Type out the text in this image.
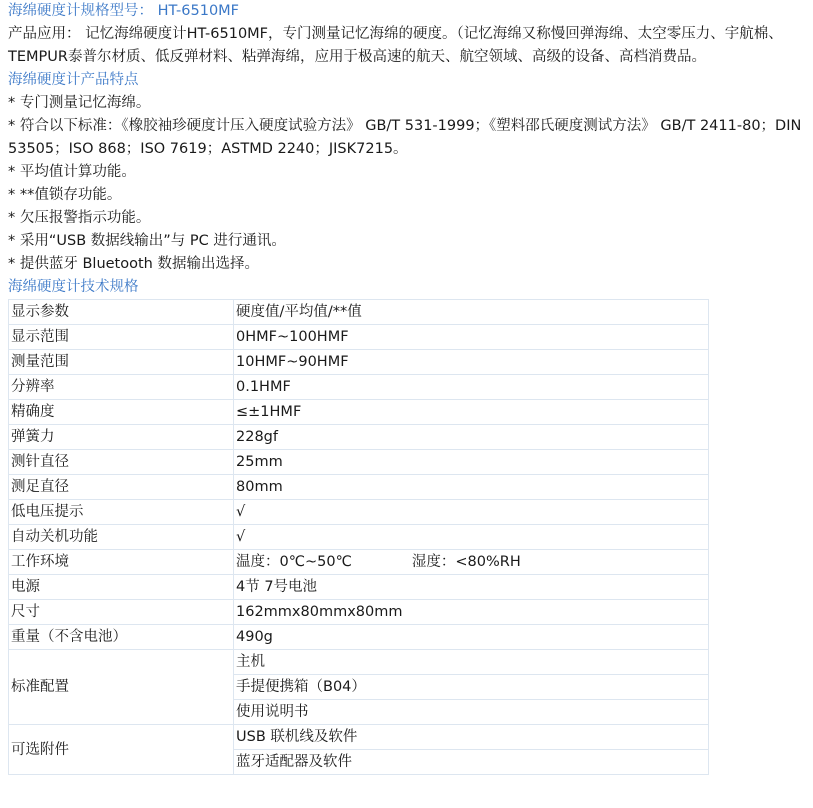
海绵硬度计规格型号： HT-6510MF
产品应用： 记忆海绵硬度计HT-6510MF，专门测量记忆海绵的硬度。（记忆海绵又称慢回弹海绵、太空零压力、宇航棉、TEMPUR泰普尔材质、低反弹材料、粘弹海绵，应用于极高速的航天、航空领域、高级的设备、高档消费品。
海绵硬度计产品特点
* 专门测量记忆海绵。
* 符合以下标准：《橡胶袖珍硬度计压入硬度试验方法》 GB/T 531-1999；《塑料邵氏硬度测试方法》 GB/T 2411-80；DIN 53505；ISO 868；ISO 7619；ASTMD 2240；JISK7215。
* 平均值计算功能。
* **值锁存功能。
* 欠压报警指示功能。
* 采用“USB 数据线输出”与 PC 进行通讯。
* 提供蓝牙 Bluetooth 数据输出选择。
海绵硬度计技术规格
显示参数	硬度值/平均值/**值
显示范围	0HMF~100HMF
测量范围	10HMF~90HMF
分辨率	0.1HMF
精确度	≤±1HMF
弹簧力	228gf
测针直径	25mm
测足直径	80mm
低电压提示	√
自动关机功能	√
工作环境	温度：0℃~50℃ 湿度：<80%RH
电源	4节 7号电池
尺寸	162mmx80mmx80mm
重量（不含电池）	490g
标准配置	主机
	手提便携箱（B04）
	使用说明书
可选附件	USB 联机线及软件
	蓝牙适配器及软件
